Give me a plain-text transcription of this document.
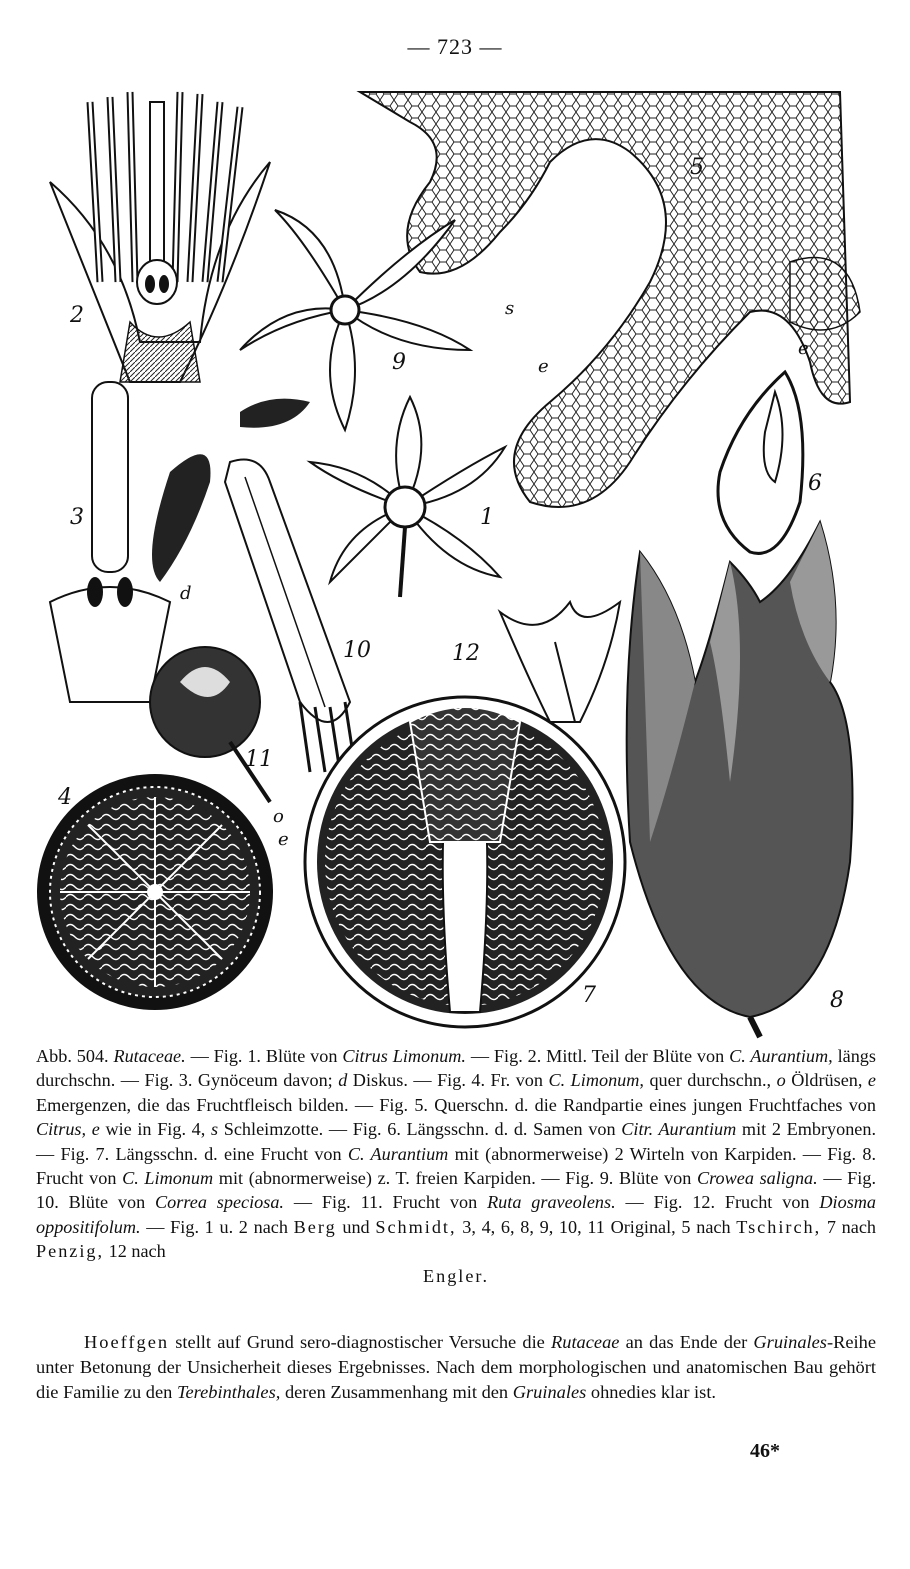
— 723 —
1
2
3
4
5
6
7	8
9
10
11
12
d
s
e
e
o
e
Abb. 504. Rutaceae. — Fig. 1. Blüte von Citrus Limonum. — Fig. 2. Mittl. Teil der Blüte von C. Aurantium, längs durchschn. — Fig. 3. Gynöceum davon; d Diskus. — Fig. 4. Fr. von C. Limonum, quer durchschn., o Öldrüsen, e Emergenzen, die das Fruchtfleisch bilden. — Fig. 5. Querschn. d. die Randpartie eines jungen Fruchtfaches von Citrus, e wie in Fig. 4, s Schleimzotte. — Fig. 6. Längsschn. d. d. Samen von Citr. Aurantium mit 2 Embryonen. — Fig. 7. Längsschn. d. eine Frucht von C. Aurantium mit (abnormerweise) 2 Wirteln von Karpiden. — Fig. 8. Frucht von C. Limonum mit (abnormerweise) z. T. freien Karpiden. — Fig. 9. Blüte von Crowea saligna. — Fig. 10. Blüte von Correa speciosa. — Fig. 11. Frucht von Ruta graveolens. — Fig. 12. Frucht von Diosma oppositifolum. — Fig. 1 u. 2 nach Berg und Schmidt, 3, 4, 6, 8, 9, 10, 11 Original, 5 nach Tschirch, 7 nach Penzig, 12 nach
Engler.
Hoeffgen stellt auf Grund sero-diagnostischer Versuche die Rutaceae an das Ende der Gruinales-Reihe unter Betonung der Unsicherheit dieses Ergebnisses. Nach dem morphologischen und anatomischen Bau gehört die Familie zu den Terebinthales, deren Zusammenhang mit den Gruinales ohnedies klar ist.
46*
